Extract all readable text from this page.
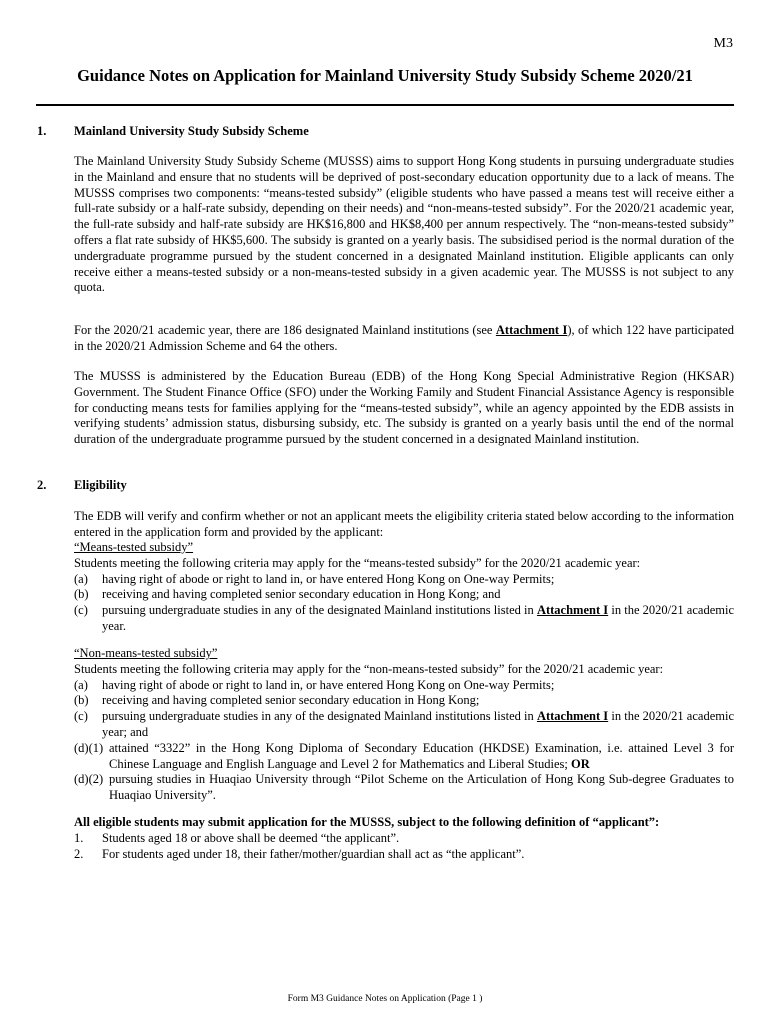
M3
Guidance Notes on Application for Mainland University Study Subsidy Scheme 2020/21
1. Mainland University Study Subsidy Scheme
The Mainland University Study Subsidy Scheme (MUSSS) aims to support Hong Kong students in pursuing undergraduate studies in the Mainland and ensure that no students will be deprived of post-secondary education opportunity due to a lack of means. The MUSSS comprises two components: “means-tested subsidy” (eligible students who have passed a means test will receive either a full-rate subsidy or a half-rate subsidy, depending on their needs) and “non-means-tested subsidy”. For the 2020/21 academic year, the full-rate subsidy and half-rate subsidy are HK$16,800 and HK$8,400 per annum respectively. The “non-means-tested subsidy” offers a flat rate subsidy of HK$5,600. The subsidy is granted on a yearly basis. The subsidised period is the normal duration of the undergraduate programme pursued by the student concerned in a designated Mainland institution. Eligible applicants can only receive either a means-tested subsidy or a non-means-tested subsidy in a given academic year. The MUSSS is not subject to any quota.
For the 2020/21 academic year, there are 186 designated Mainland institutions (see Attachment I), of which 122 have participated in the 2020/21 Admission Scheme and 64 the others.
The MUSSS is administered by the Education Bureau (EDB) of the Hong Kong Special Administrative Region (HKSAR) Government. The Student Finance Office (SFO) under the Working Family and Student Financial Assistance Agency is responsible for conducting means tests for families applying for the “means-tested subsidy”, while an agency appointed by the EDB assists in verifying students’ admission status, disbursing subsidy, etc. The subsidy is granted on a yearly basis until the end of the normal duration of the undergraduate programme pursued by the student concerned in a designated Mainland institution.
2. Eligibility
The EDB will verify and confirm whether or not an applicant meets the eligibility criteria stated below according to the information entered in the application form and provided by the applicant:
“Means-tested subsidy”
Students meeting the following criteria may apply for the “means-tested subsidy” for the 2020/21 academic year:
(a)	having right of abode or right to land in, or have entered Hong Kong on One-way Permits;
(b)	receiving and having completed senior secondary education in Hong Kong; and
(c)	pursuing undergraduate studies in any of the designated Mainland institutions listed in Attachment I in the 2020/21 academic year.
“Non-means-tested subsidy”
Students meeting the following criteria may apply for the “non-means-tested subsidy” for the 2020/21 academic year:
(a)	having right of abode or right to land in, or have entered Hong Kong on One-way Permits;
(b)	receiving and having completed senior secondary education in Hong Kong;
(c)	pursuing undergraduate studies in any of the designated Mainland institutions listed in Attachment I in the 2020/21 academic year; and
(d)(1) attained “3322” in the Hong Kong Diploma of Secondary Education (HKDSE) Examination, i.e. attained Level 3 for Chinese Language and English Language and Level 2 for Mathematics and Liberal Studies; OR
(d)(2) pursuing studies in Huaqiao University through “Pilot Scheme on the Articulation of Hong Kong Sub-degree Graduates to Huaqiao University”.
All eligible students may submit application for the MUSSS, subject to the following definition of “applicant”:
1.	Students aged 18 or above shall be deemed “the applicant”.
2.	For students aged under 18, their father/mother/guardian shall act as “the applicant”.
Form M3 Guidance Notes on Application (Page 1 )
